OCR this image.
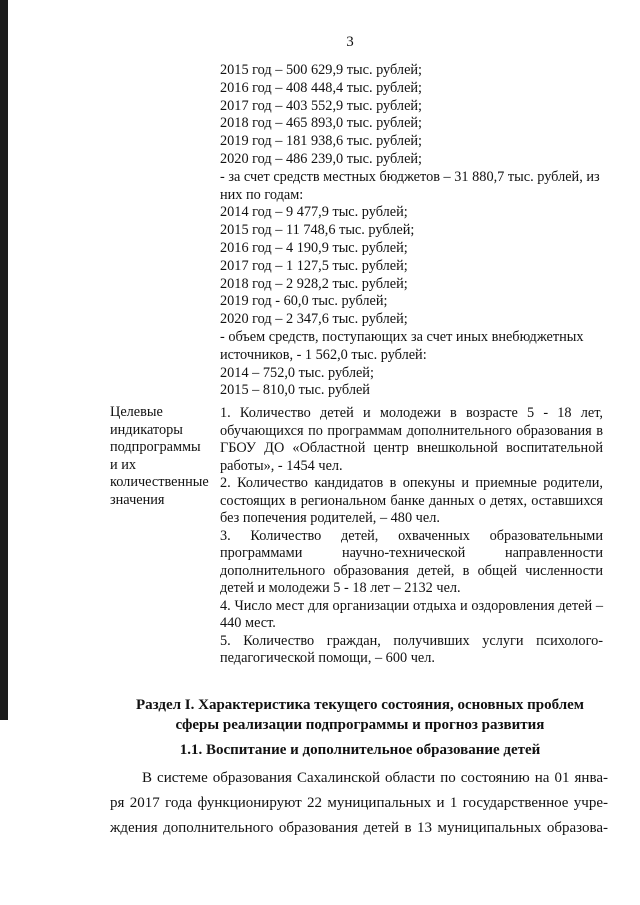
3
2015 год – 500 629,9 тыс. рублей;
2016 год – 408 448,4 тыс. рублей;
2017 год – 403 552,9 тыс. рублей;
2018 год – 465 893,0 тыс. рублей;
2019 год – 181 938,6 тыс. рублей;
2020 год – 486 239,0 тыс. рублей;
- за счет средств местных бюджетов – 31 880,7 тыс. рублей, из них по годам:
2014 год – 9 477,9 тыс. рублей;
2015 год – 11 748,6 тыс. рублей;
2016 год – 4 190,9 тыс. рублей;
2017 год – 1 127,5 тыс. рублей;
2018 год – 2 928,2 тыс. рублей;
2019 год - 60,0 тыс. рублей;
2020 год – 2 347,6 тыс. рублей;
- объем средств, поступающих за счет иных внебюджетных источников, - 1 562,0 тыс. рублей:
2014 – 752,0 тыс. рублей;
2015 – 810,0 тыс. рублей
Целевые индикаторы подпрограммы и их количественные значения
1. Количество детей и молодежи в возрасте 5 - 18 лет, обучающихся по программам дополнительного образования в ГБОУ ДО «Областной центр внешкольной воспитательной работы», - 1454 чел.
2. Количество кандидатов в опекуны и приемные родители, состоящих в региональном банке данных о детях, оставшихся без попечения родителей, – 480 чел.
3. Количество детей, охваченных образовательными программами научно-технической направленности дополнительного образования детей, в общей численности детей и молодежи 5 - 18 лет – 2132 чел.
4. Число мест для организации отдыха и оздоровления детей – 440 мест.
5. Количество граждан, получивших услуги психолого-педагогической помощи, – 600 чел.
Раздел I. Характеристика текущего состояния, основных проблем
сферы реализации подпрограммы и прогноз развития
1.1. Воспитание и дополнительное образование детей
В системе образования Сахалинской области по состоянию на 01 янва-
ря 2017 года функционируют 22 муниципальных и 1 государственное учре-
ждения дополнительного образования детей в 13 муниципальных образова-
